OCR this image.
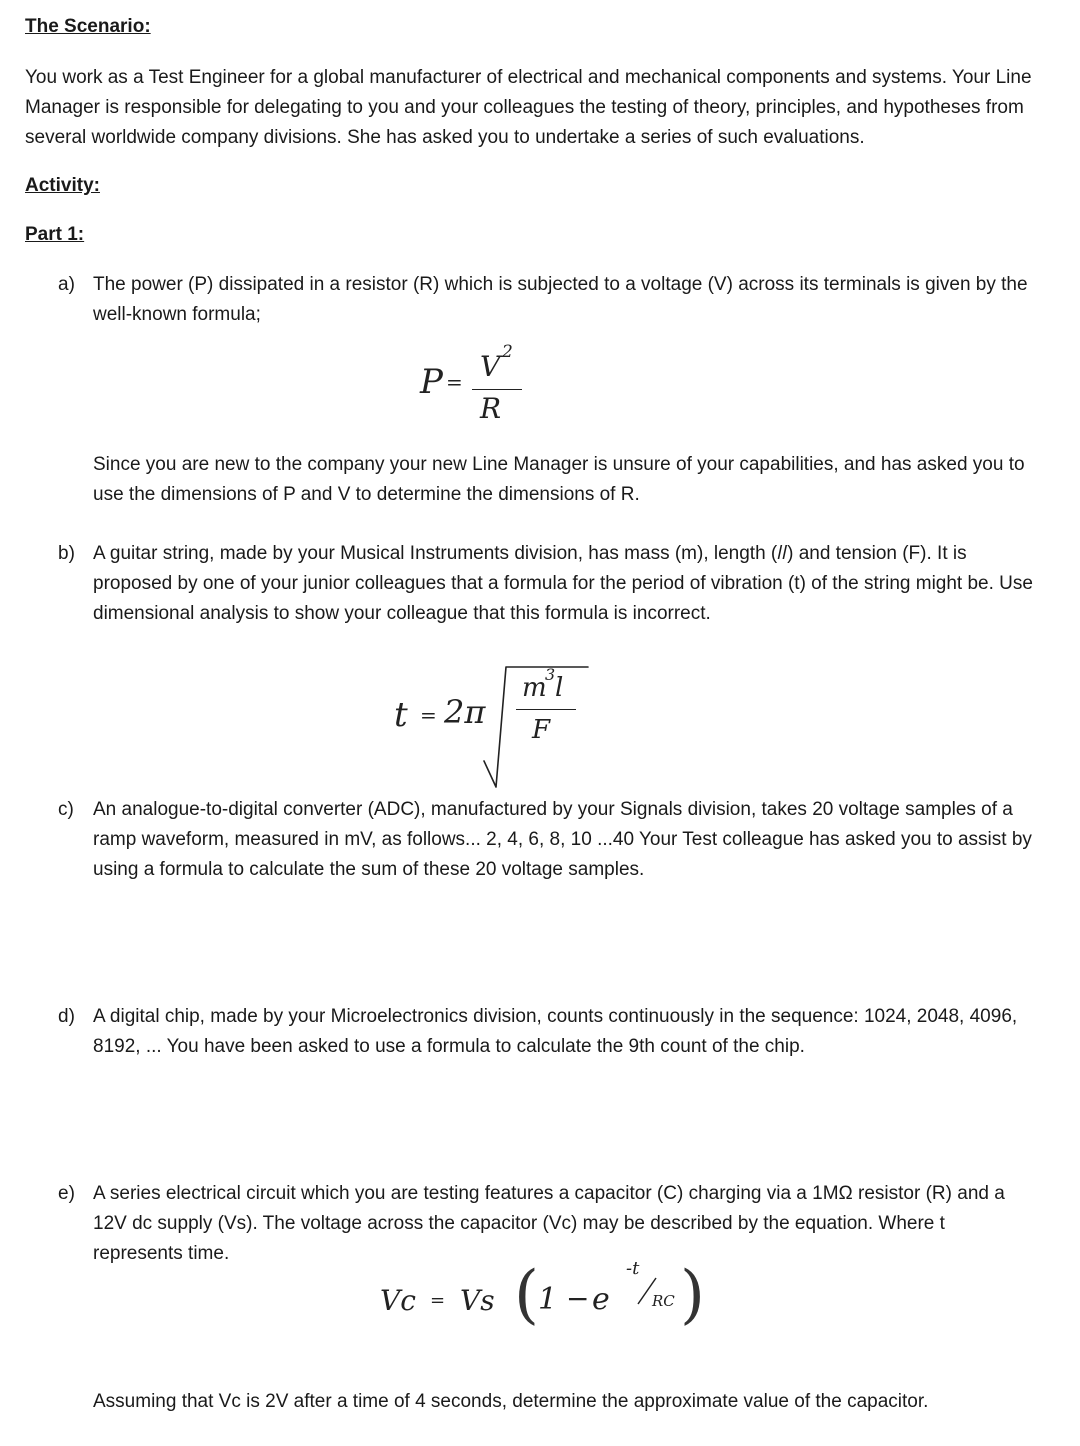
The Scenario:
You work as a Test Engineer for a global manufacturer of electrical and mechanical components and systems. Your Line Manager is responsible for delegating to you and your colleagues the testing of theory, principles, and hypotheses from several worldwide company divisions. She has asked you to undertake a series of such evaluations.
Activity:
Part 1:
a) The power (P) dissipated in a resistor (R) which is subjected to a voltage (V) across its terminals is given by the well-known formula;
P = V 2
R
Since you are new to the company your new Line Manager is unsure of your capabilities, and has asked you to use the dimensions of P and V to determine the dimensions of R.
b) A guitar string, made by your Musical Instruments division, has mass (m), length (𝑙𝑙) and tension (F). It is proposed by one of your junior colleagues that a formula for the period of vibration (t) of the string might be. Use dimensional analysis to show your colleague that this formula is incorrect.
t = 2π
m
3 l
F
c) An analogue-to-digital converter (ADC), manufactured by your Signals division, takes 20 voltage samples of a ramp waveform, measured in mV, as follows... 2, 4, 6, 8, 10 ...40 Your Test colleague has asked you to assist by using a formula to calculate the sum of these 20 voltage samples.
d) A digital chip, made by your Microelectronics division, counts continuously in the sequence: 1024, 2048, 4096, 8192, ... You have been asked to use a formula to calculate the 9th count of the chip.
e) A series electrical circuit which you are testing features a capacitor (C) charging via a 1MΩ resistor (R) and a 12V dc supply (Vs). The voltage across the capacitor (Vc) may be described by the equation. Where t represents time.
Vc = Vs ( 1 − e
-t
RC )
Assuming that Vc is 2V after a time of 4 seconds, determine the approximate value of the capacitor.
